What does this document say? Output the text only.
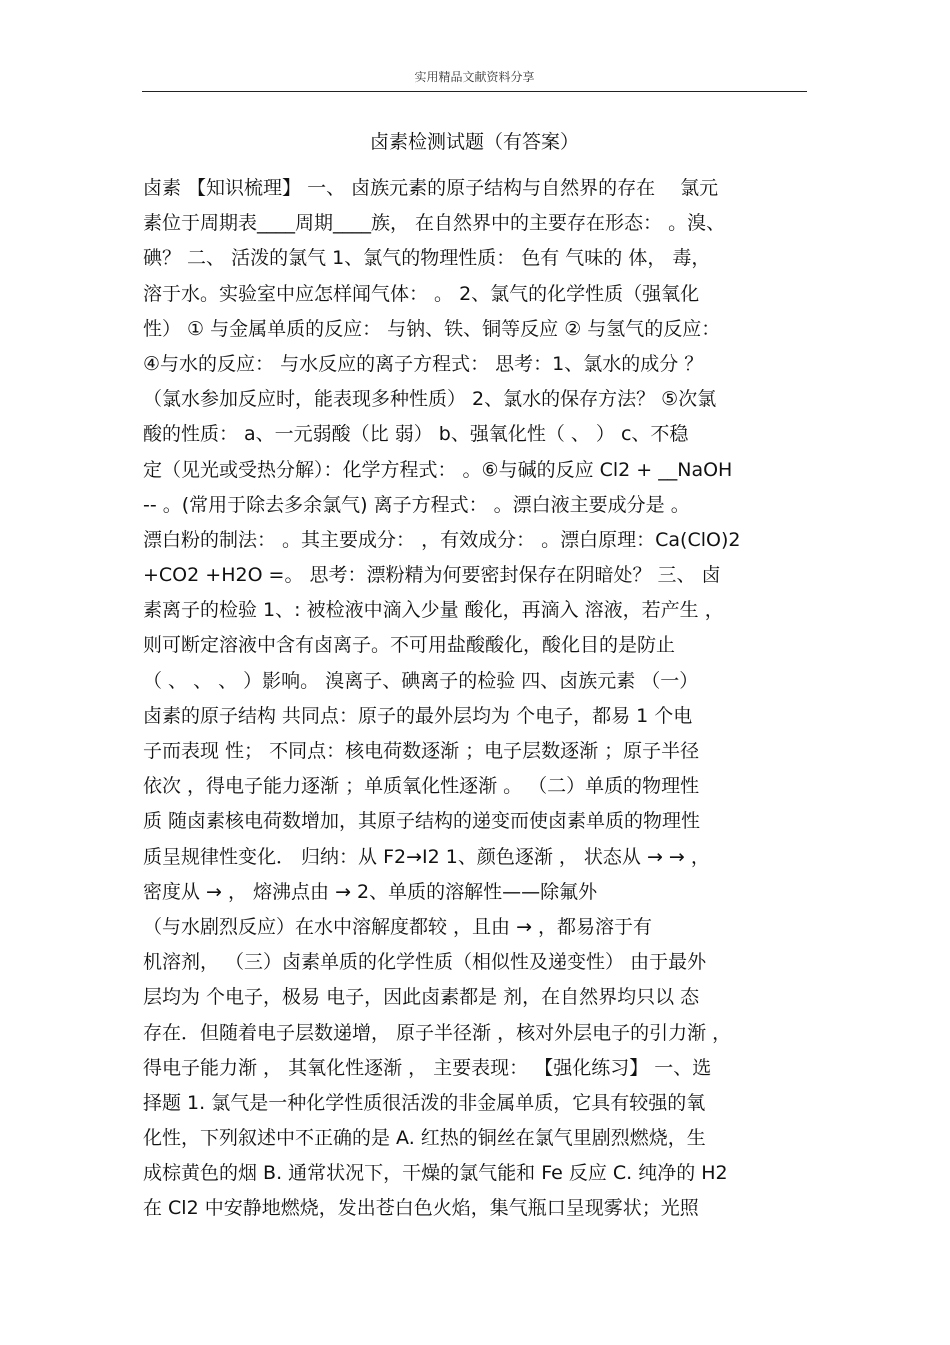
实用精品文献资料分享
卤素检测试题（有答案）
卤素 【知识梳理】 一、 卤族元素的原子结构与自然界的存在 　氯元
素位于周期表____周期____族， 在自然界中的主要存在形态： 。溴、
碘？ 二、 活泼的氯气 1、氯气的物理性质： 色有 气味的 体， 毒，
溶于水。实验室中应怎样闻气体： 。 2、氯气的化学性质（强氧化
性） ① 与金属单质的反应： 与钠、铁、铜等反应 ② 与氢气的反应：
④与水的反应： 与水反应的离子方程式： 思考：1、氯水的成分 ？
（氯水参加反应时，能表现多种性质） 2、氯水的保存方法？ ⑤次氯
酸的性质： a、一元弱酸（比 弱） b、强氧化性（ 、 ） c、不稳
定（见光或受热分解）：化学方程式： 。⑥与碱的反应 Cl2 + __NaOH
-- 。(常用于除去多余氯气) 离子方程式： 。漂白液主要成分是 。
漂白粉的制法： 。其主要成分： ，有效成分： 。漂白原理：Ca(ClO)2
+CO2 +H2O =。 思考：漂粉精为何要密封保存在阴暗处？ 三、 卤
素离子的检验 1、: 被检液中滴入少量 酸化，再滴入 溶液，若产生 ，
则可断定溶液中含有卤离子。不可用盐酸酸化，酸化目的是防止
（ 、 、 、 ）影响。 溴离子、碘离子的检验 四、卤族元素 （一）
卤素的原子结构 共同点：原子的最外层均为 个电子，都易 1 个电
子而表现 性； 不同点：核电荷数逐渐 ；电子层数逐渐 ；原子半径
依次 ，得电子能力逐渐 ；单质氧化性逐渐 。 （二）单质的物理性
质 随卤素核电荷数增加，其原子结构的递变而使卤素单质的物理性
质呈规律性变化． 归纳：从 F2→I2 1、颜色逐渐 ， 状态从 → → ，
密度从 → ， 熔沸点由 → 2、单质的溶解性——除氟外
（与水剧烈反应）在水中溶解度都较 ，且由 → ，都易溶于有
机溶剂， （三）卤素单质的化学性质（相似性及递变性） 由于最外
层均为 个电子，极易 电子，因此卤素都是 剂，在自然界均只以 态
存在．但随着电子层数递增， 原子半径渐 ，核对外层电子的引力渐 ，
得电子能力渐 ， 其氧化性逐渐 ， 主要表现： 【强化练习】 一、选
择题 1. 氯气是一种化学性质很活泼的非金属单质，它具有较强的氧
化性，下列叙述中不正确的是 A. 红热的铜丝在氯气里剧烈燃烧，生
成棕黄色的烟 B. 通常状况下，干燥的氯气能和 Fe 反应 C. 纯净的 H2
在 Cl2 中安静地燃烧，发出苍白色火焰，集气瓶口呈现雾状；光照
